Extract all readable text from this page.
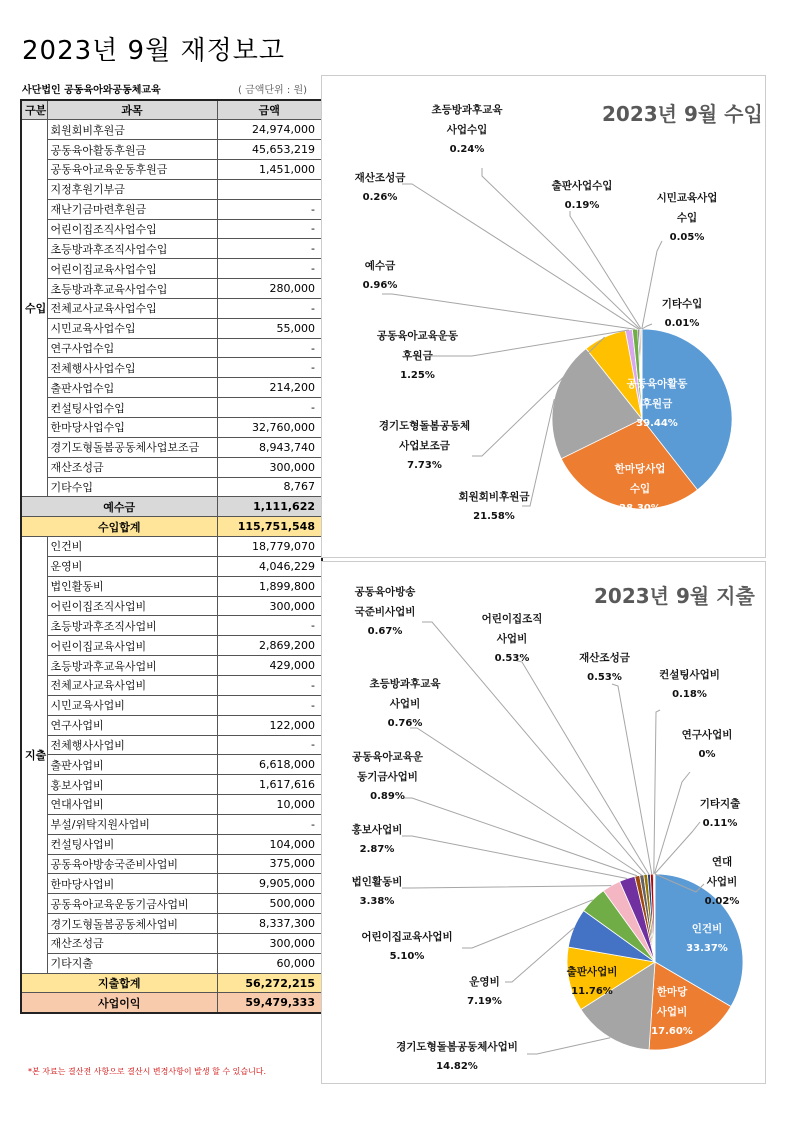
2023년 9월 재정보고
사단법인 공동육아와공동체교육	( 금액단위 : 원)
구분	과목	금액
수입	회원회비후원금	24,974,000
	공동육아활동후원금	45,653,219
	공동육아교육운동후원금	1,451,000
	지정후원기부금	
	재난기금마련후원금	-
	어린이집조직사업수입	-
	초등방과후조직사업수입	-
	어린이집교육사업수입	-
	초등방과후교육사업수입	280,000
	전체교사교육사업수입	-
	시민교육사업수입	55,000
	연구사업수입	-
	전체행사사업수입	-
	출판사업수입	214,200
	컨설팅사업수입	-
	한마당사업수입	32,760,000
	경기도형돌봄공동체사업보조금	8,943,740
	재산조성금	300,000
	기타수입	8,767
예수금		1,111,622
수입합계		115,751,548
지출	인건비	18,779,070
	운영비	4,046,229
	법인활동비	1,899,800
	어린이집조직사업비	300,000
	초등방과후조직사업비	-
	어린이집교육사업비	2,869,200
	초등방과후교육사업비	429,000
	전체교사교육사업비	-
	시민교육사업비	-
	연구사업비	122,000
	전체행사사업비	-
	출판사업비	6,618,000
	홍보사업비	1,617,616
	연대사업비	10,000
	부설/위탁지원사업비	-
	컨설팅사업비	104,000
	공동육아방송국준비사업비	375,000
	한마당사업비	9,905,000
	공동육아교육운동기금사업비	500,000
	경기도형돌봄공동체사업비	8,337,300
	재산조성금	300,000
	기타지출	60,000
지출합계		56,272,215
사업이익		59,479,333
*본 자료는 결산전 사항으로 결산시 변경사항이 발생 할 수 있습니다.
2023년 9월 수입
공동육아활동
후원금
39.44%
한마당사업
수입
28.30%
회원회비후원금
21.58%
경기도형돌봄공동체
사업보조금
7.73%
공동육아교육운동
후원금
1.25%
예수금
0.96%
재산조성금
0.26%
초등방과후교육
사업수입
0.24%
출판사업수입
0.19%
시민교육사업
수입
0.05%
기타수입
0.01%
2023년 9월 지출
인건비
33.37%
한마당
사업비
17.60%
경기도형돌봄공동체사업비
14.82%
출판사업비
11.76%
운영비
7.19%
어린이집교육사업비
5.10%
법인활동비
3.38%
홍보사업비
2.87%
공동육아교육운
동기금사업비
0.89%
초등방과후교육
사업비
0.76%
공동육아방송
국준비사업비
0.67%
어린이집조직
사업비
0.53%	재산조성금
0.53%	컨설팅사업비
0.18%
연구사업비
0%
기타지출
0.11%
연대
사업비
0.02%
